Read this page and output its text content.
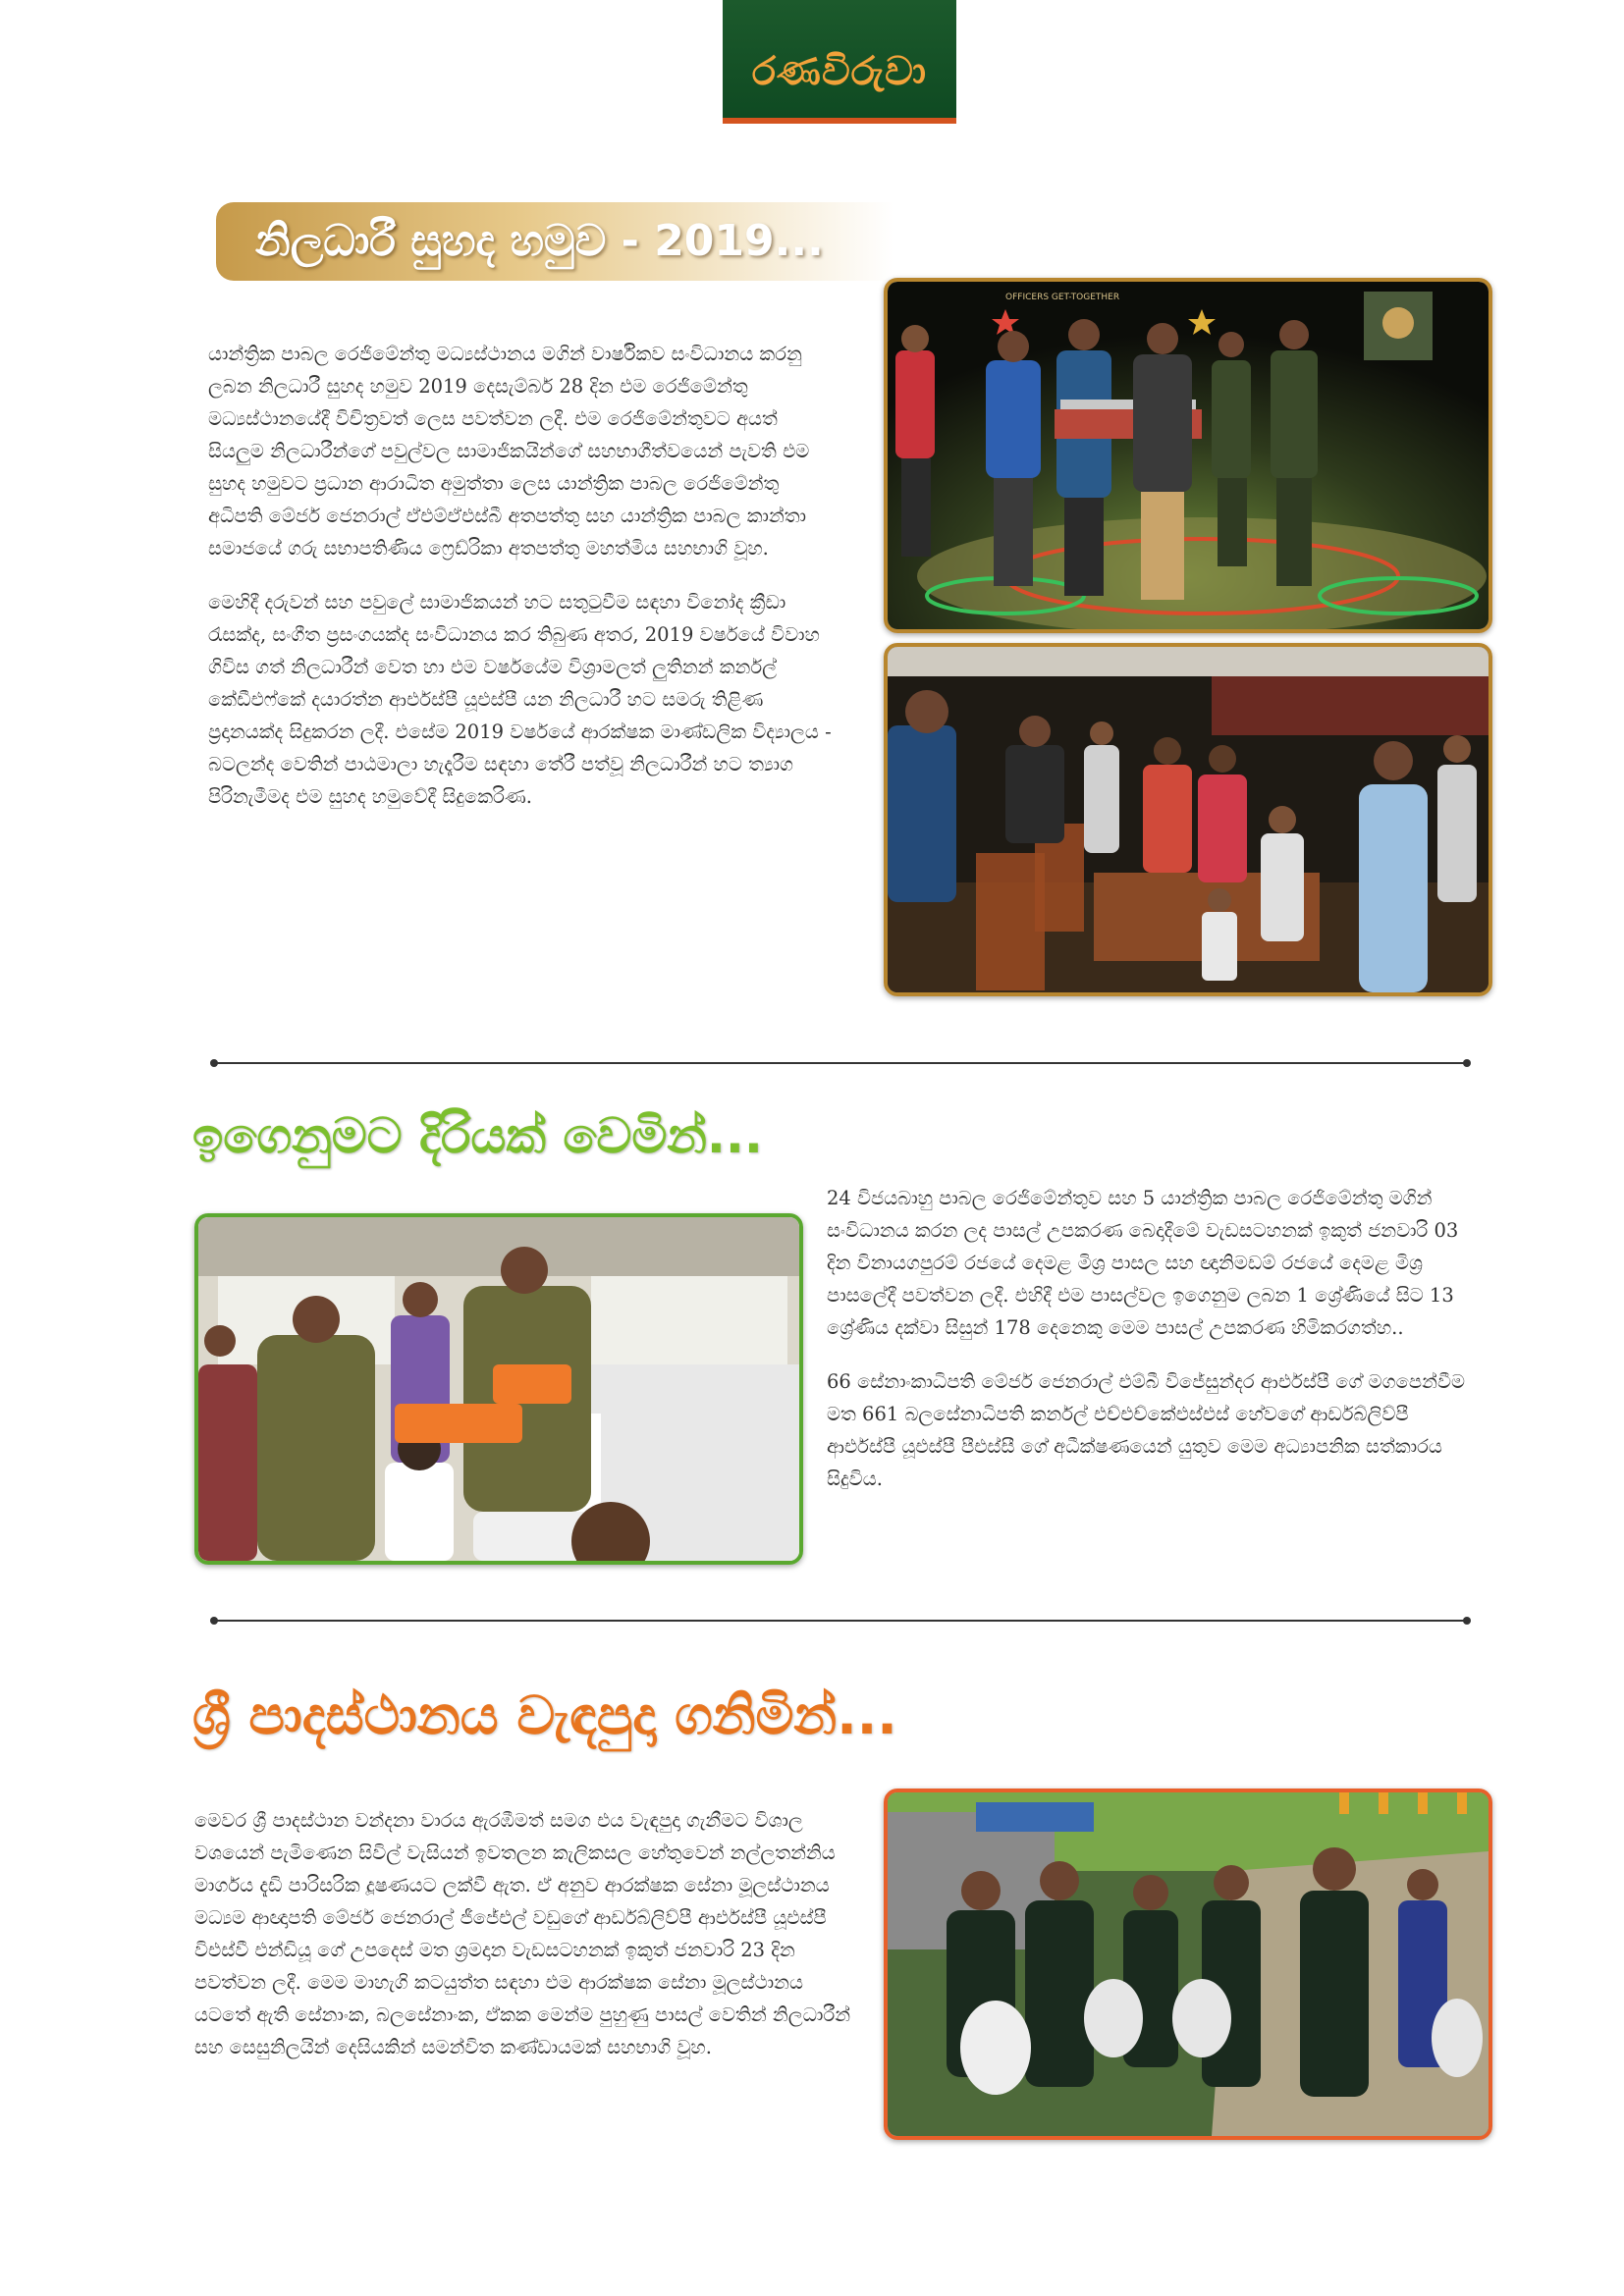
රණවිරුවා
නිලධාරී සුහද හමුව - 2019...

යාන්ත්‍රික පාබල රෙජිමේන්තු මධ්‍යස්ථානය මගින් වාර්ෂිකව සංවිධානය කරනු ලබන නිලධාරී සුහද හමුව 2019 දෙසැම්බර් 28 දින එම රෙජිමේන්තු මධ්‍යස්ථානයේදී විචිත්‍රවත් ලෙස පවත්වන ලදී. එම රෙජිමේන්තුවට අයත් සියලුම නිලධාරීන්ගේ පවුල්වල සාමාජිකයින්ගේ සහභාගීත්වයෙන් පැවති එම සුහද හමුවට ප්‍රධාන ආරාධිත අමුත්තා ලෙස යාන්ත්‍රික පාබල රෙජිමේන්තු අධිපති මේජර් ජෙනරාල් ඒඑම්ඒඑස්බී අතපත්තු සහ යාන්ත්‍රික පාබල කාන්තා සමාජයේ ගරු සභාපතිණිය ෆ්‍රෙඩ්රිකා අතපත්තු මහත්මිය සහභාගි වූහ.

මෙහිදී දරුවන් සහ පවුලේ සාමාජිකයන් හට සතුටුවීම සඳහා විනෝද ක්‍රීඩා රැසක්ද, සංගීත ප්‍රසංගයක්ද සංවිධානය කර තිබුණ අතර, 2019 වර්ෂයේ විවාහ ගිවිස ගත් නිලධාරීන් වෙත හා එම වර්ෂයේම විශ්‍රාමලත් ලුතිනන් කර්නල් කේඩීඑෆ්කේ දයාරත්න ආර්එස්පී යූඑස්පී යන නිලධාරී හට සමරු තිළිණ ප්‍රදානයක්ද සිදුකරන ලදී. එසේම 2019 වර්ෂයේ ආරක්ෂක මාණ්ඩලික විද්‍යාලය - බටලන්ද වෙතින් පාඨමාලා හැදෑරීම සඳහා තේරී පත්වූ නිලධාරීන් හට ත්‍යාග පිරිනැමීමද එම සුහද හමුවේදී සිදුකෙරිණ.

OFFICERS GET-TOGETHER
ඉගෙනුමට දිරියක් වෙමින්...

24 විජයබාහු පාබල රෙජිමේන්තුව සහ 5 යාන්ත්‍රික පාබල රෙජිමේන්තු මගින් සංවිධානය කරන ලද පාසල් උපකරණ බෙදාදීමේ වැඩසටහනක් ඉකුත් ජනවාරි 03 දින විනායගපුරම් රජයේ දෙමළ මිශ්‍ර පාසල සහ ඥානිමඩම් රජයේ දෙමළ මිශ්‍ර පාසලේදී පවත්වන ලදී. එහිදී එම පාසල්වල ඉගෙනුම ලබන 1 ශ්‍රේණියේ සිට 13 ශ්‍රේණිය දක්වා සිසුන් 178 දෙනෙකු මෙම පාසල් උපකරණ හිමිකරගත්හ..

66 සේනාංකාධිපති මේජර් ජෙනරාල් එම්බී විජේසුන්දර ආර්එස්පී ගේ මගපෙන්වීම මත 661 බලසේනාධිපති කර්නල් එච්එච්කේඑස්එස් හේවගේ ආර්ඩබ්ලිව්පී ආර්එස්පී යූඑස්පී පීඑස්සී ගේ අධීක්ෂණයෙන් යුතුව මෙම අධ්‍යාපනික සත්කාරය සිදුවිය.

ශ්‍රී පාදස්ථානය වැඳපුදා ගනිමින්...

මෙවර ශ්‍රී පාදස්ථාන වන්දනා වාරය ඇරඹීමත් සමග එය වැඳපුදා ගැනීමට විශාල වශයෙන් පැමිණෙන සිවිල් වැසියන් ඉවතලන කැලිකසල හේතුවෙන් නල්ලතන්නිය මාර්ගය දැඩි පාරිසරික දූෂණයට ලක්වී ඇත. ඒ අනුව ආරක්ෂක සේනා මූලස්ථානය මධ්‍යම ආඥාපති මේජර් ජෙනරාල් ජීජේඑල් වඩුගේ ආර්ඩබ්ලිව්පී ආර්එස්පී යූඑස්පී විඑස්වී එන්ඩියූ ගේ උපදෙස් මත ශ්‍රමදාන වැඩසටහනක් ඉකුත් ජනවාරි 23 දින පවත්වන ලදී. මෙම මාහැගි කටයුත්ත සඳහා එම ආරක්ෂක සේනා මූලස්ථානය යටතේ ඇති සේනාංක, බලසේනාංක, ඒකක මෙන්ම පුහුණු පාසල් වෙතින් නිලධාරීන් සහ සෙසුනිලයින් දෙසියකින් සමන්විත කණ්ඩායමක් සහභාගි වූහ.
